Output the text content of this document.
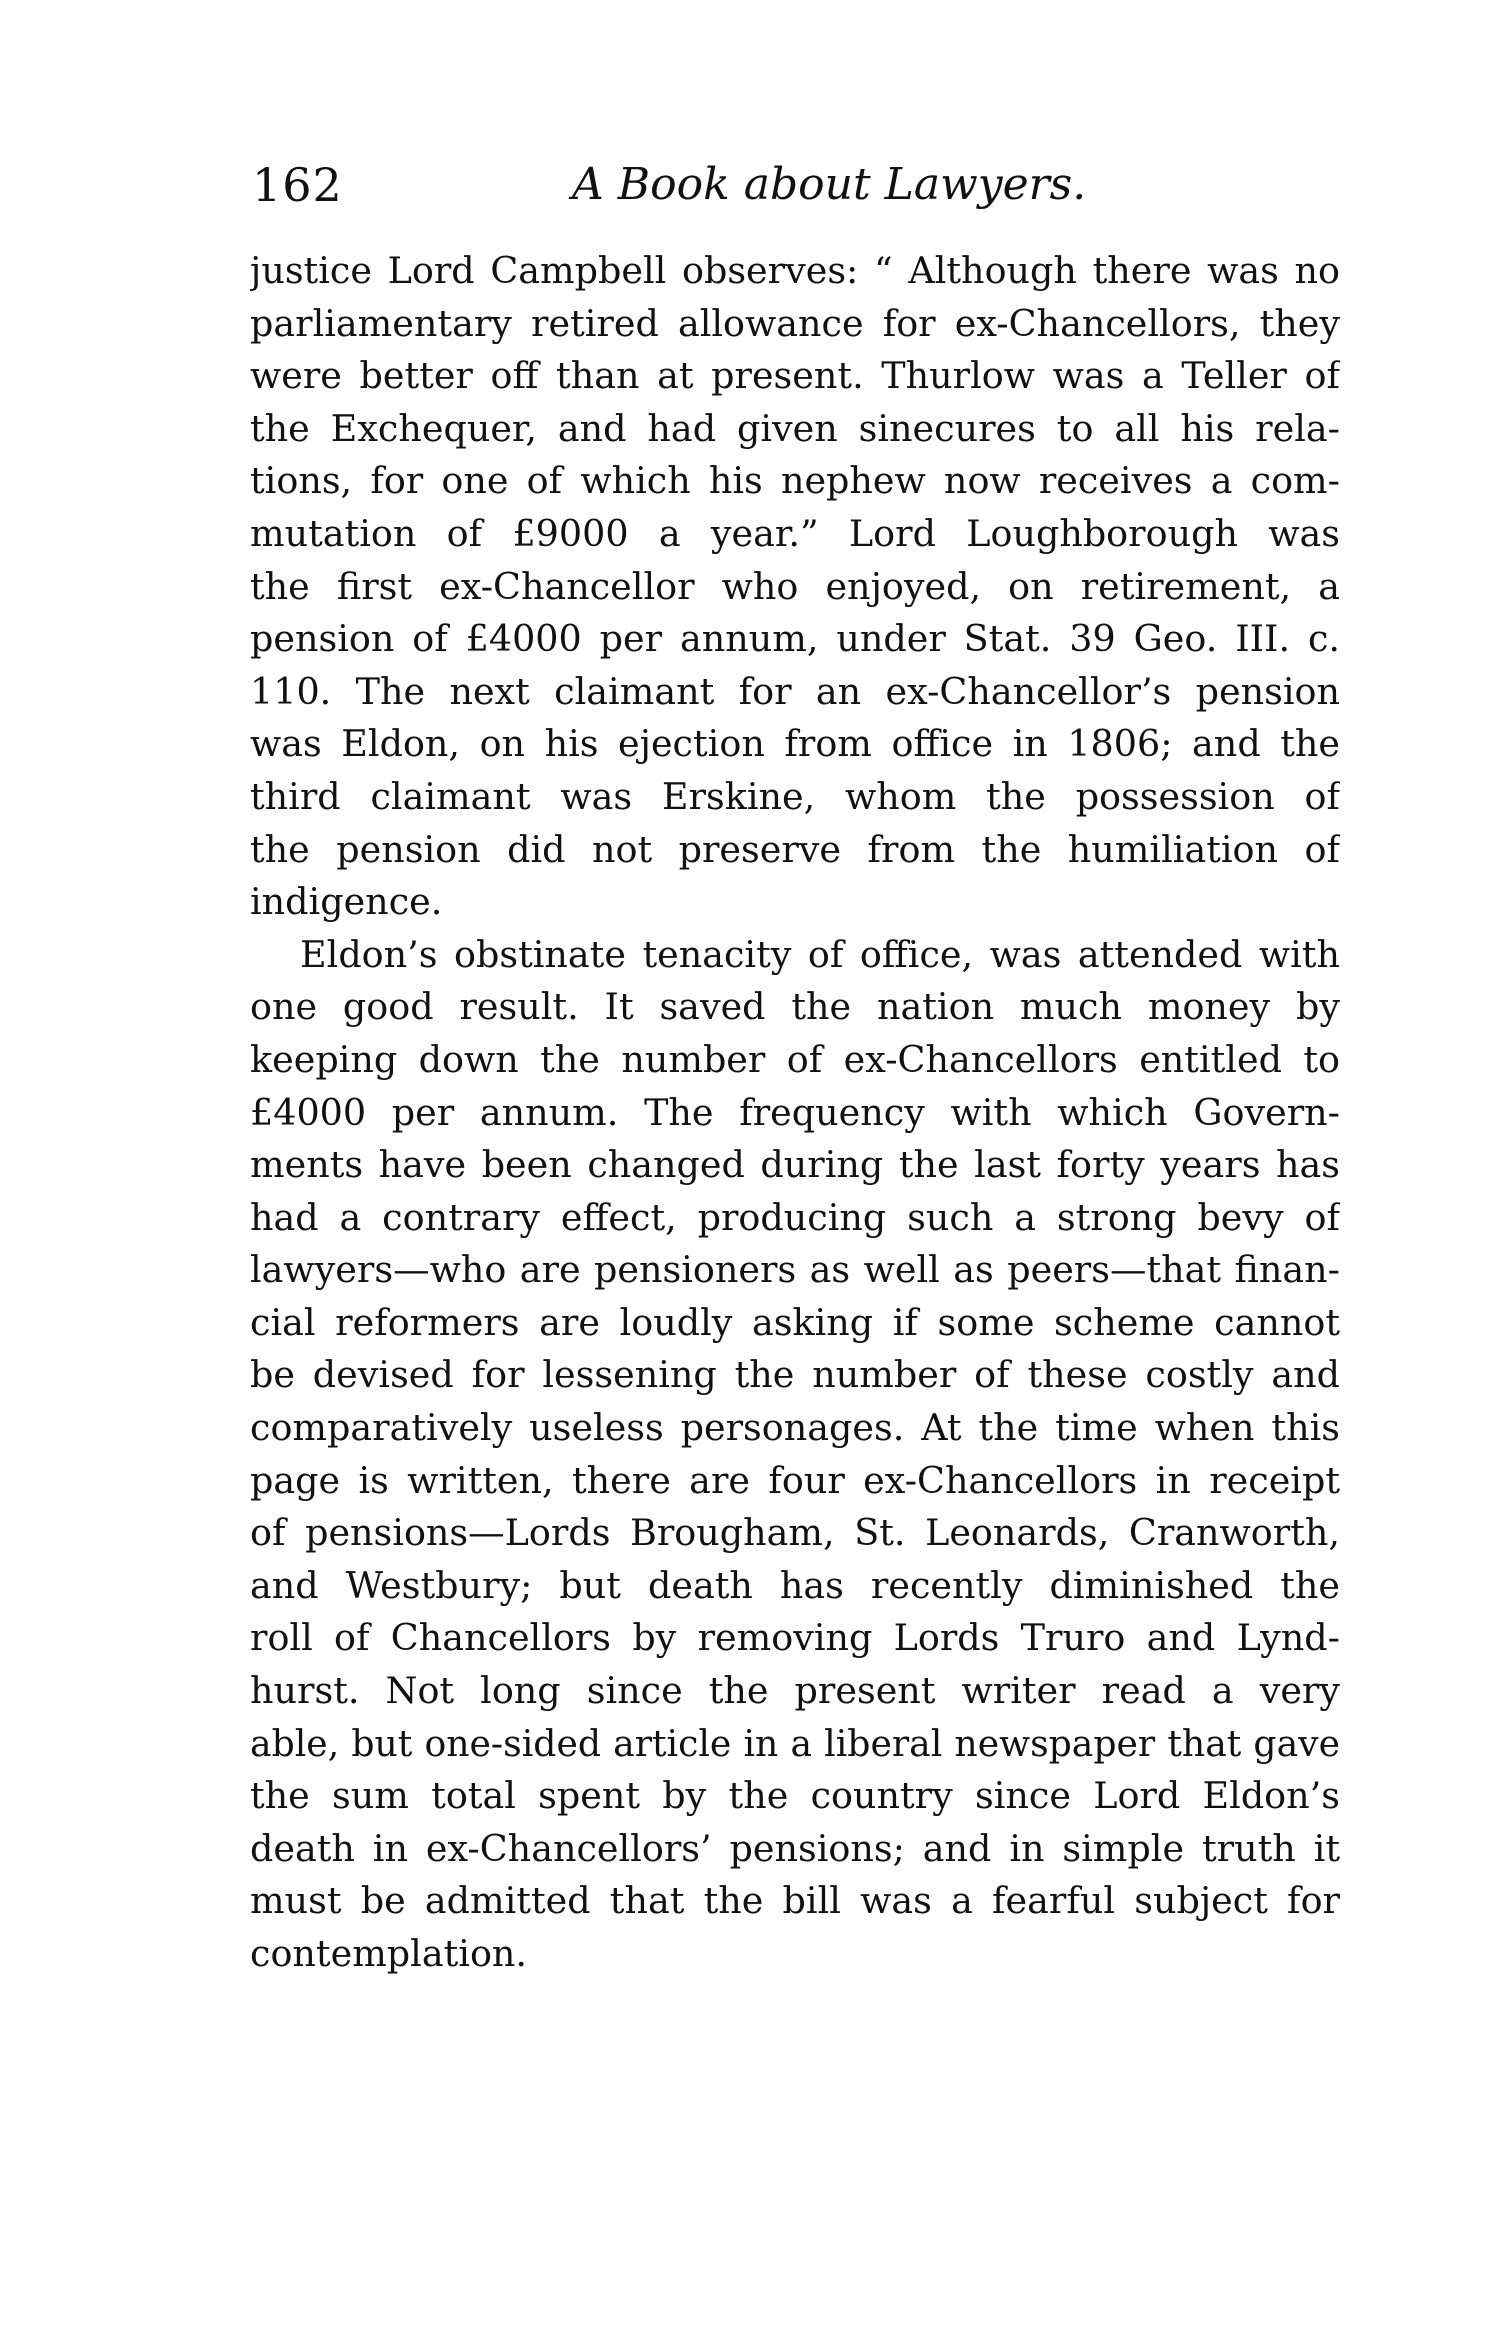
162	A Book about Lawyers.
justice Lord Campbell observes: “ Although there was no
parliamentary retired allowance for ex-Chancellors, they
were better off than at present. Thurlow was a Teller of
the Exchequer, and had given sinecures to all his rela-
tions, for one of which his nephew now receives a com-
mutation of £9000 a year.” Lord Loughborough was
the first ex-Chancellor who enjoyed, on retirement, a
pension of £4000 per annum, under Stat. 39 Geo. III. c.
110. The next claimant for an ex-Chancellor’s pension
was Eldon, on his ejection from office in 1806; and the
third claimant was Erskine, whom the possession of
the pension did not preserve from the humiliation of
indigence.
Eldon’s obstinate tenacity of office, was attended with
one good result. It saved the nation much money by
keeping down the number of ex-Chancellors entitled to
£4000 per annum. The frequency with which Govern-
ments have been changed during the last forty years has
had a contrary effect, producing such a strong bevy of
lawyers—who are pensioners as well as peers—that finan-
cial reformers are loudly asking if some scheme cannot
be devised for lessening the number of these costly and
comparatively useless personages. At the time when this
page is written, there are four ex-Chancellors in receipt
of pensions—Lords Brougham, St. Leonards, Cranworth,
and Westbury; but death has recently diminished the
roll of Chancellors by removing Lords Truro and Lynd-
hurst. Not long since the present writer read a very
able, but one-sided article in a liberal newspaper that gave
the sum total spent by the country since Lord Eldon’s
death in ex-Chancellors’ pensions; and in simple truth it
must be admitted that the bill was a fearful subject for
contemplation.
